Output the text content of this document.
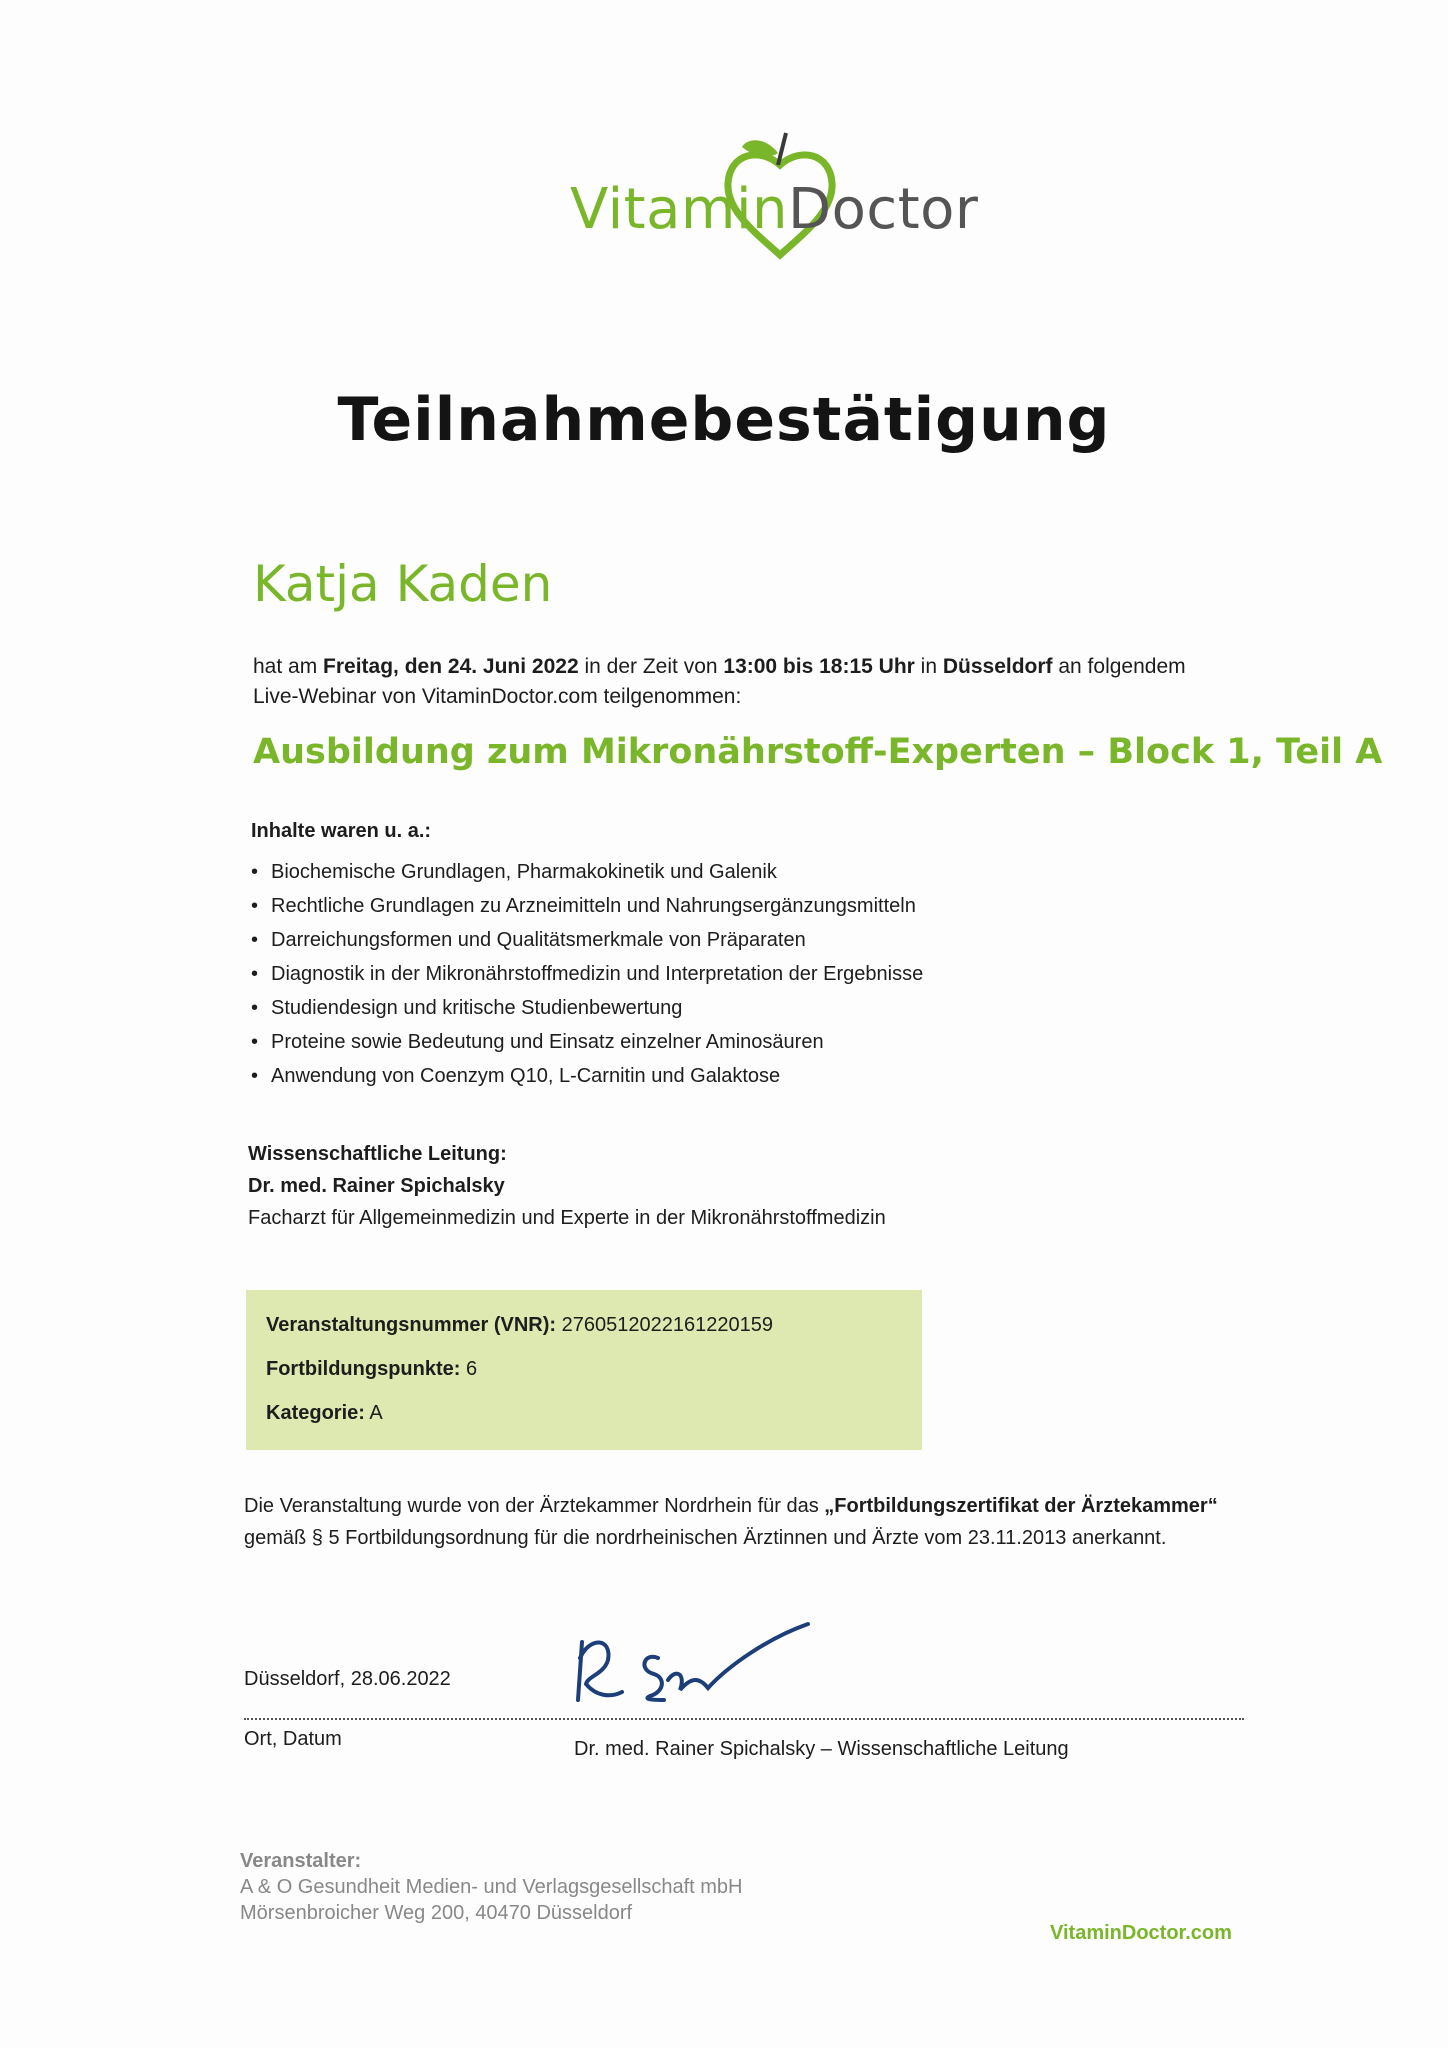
VitaminDoctor
Teilnahmebestätigung
Katja Kaden
hat am Freitag, den 24. Juni 2022 in der Zeit von 13:00 bis 18:15 Uhr in Düsseldorf an folgendem
Live-Webinar von VitaminDoctor.com teilgenommen:
Ausbildung zum Mikronährstoff-Experten – Block 1, Teil A
Inhalte waren u. a.:
• Biochemische Grundlagen, Pharmakokinetik und Galenik
• Rechtliche Grundlagen zu Arzneimitteln und Nahrungsergänzungsmitteln
• Darreichungsformen und Qualitätsmerkmale von Präparaten
• Diagnostik in der Mikronährstoffmedizin und Interpretation der Ergebnisse
• Studiendesign und kritische Studienbewertung
• Proteine sowie Bedeutung und Einsatz einzelner Aminosäuren
• Anwendung von Coenzym Q10, L-Carnitin und Galaktose
Wissenschaftliche Leitung:
Dr. med. Rainer Spichalsky
Facharzt für Allgemeinmedizin und Experte in der Mikronährstoffmedizin
Veranstaltungsnummer (VNR): 2760512022161220159
Fortbildungspunkte: 6
Kategorie: A
Die Veranstaltung wurde von der Ärztekammer Nordrhein für das „Fortbildungszertifikat der Ärztekammer“
gemäß § 5 Fortbildungsordnung für die nordrheinischen Ärztinnen und Ärzte vom 23.11.2013 anerkannt.
Düsseldorf, 28.06.2022
Ort, Datum	Dr. med. Rainer Spichalsky – Wissenschaftliche Leitung
Veranstalter:
A & O Gesundheit Medien- und Verlagsgesellschaft mbH
Mörsenbroicher Weg 200, 40470 Düsseldorf
VitaminDoctor.com
